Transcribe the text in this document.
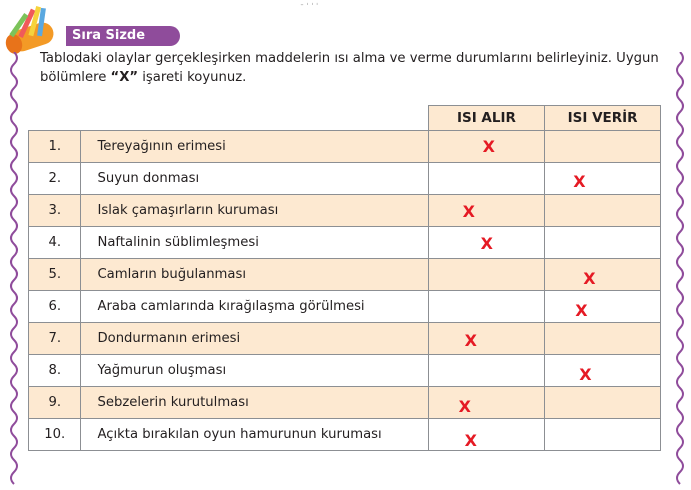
ˍ ˌ ˌ ˌ
Sıra Sizde
Tablodaki olaylar gerçekleşirken maddelerin ısı alma ve verme durumlarını belirleyiniz. Uygun bölümlere “X” işareti koyunuz.
		ISI ALIR	ISI VERİR
1.	Tereyağının erimesi	X	

2.	Suyun donması		X

3.	Islak çamaşırların kuruması	X	

4.	Naftalinin süblimleşmesi	X	

5.	Camların buğulanması		X

6.	Araba camlarında kırağılaşma görülmesi		X

7.	Dondurmanın erimesi	X	

8.	Yağmurun oluşması		X

9.	Sebzelerin kurutulması	X	

10.	Açıkta bırakılan oyun hamurunun kuruması	X	
